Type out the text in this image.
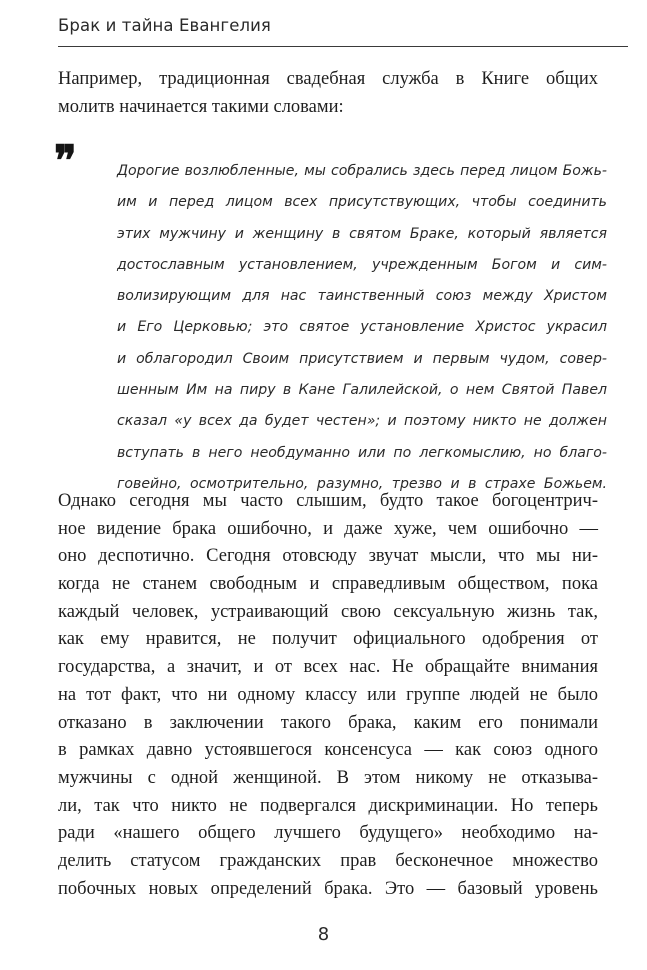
Брак и тайна Евангелия
Например, традиционная свадебная служба в Книге общих
молитв начинается такими словами:
❞	Дорогие возлюбленные, мы собрались здесь перед лицом Божь-
им и перед лицом всех присутствующих, чтобы соединить
этих мужчину и женщину в святом Браке, который является
достославным установлением, учрежденным Богом и сим-
волизирующим для нас таинственный союз между Христом
и Его Церковью; это святое установление Христос украсил
и облагородил Своим присутствием и первым чудом, совер-
шенным Им на пиру в Кане Галилейской, о нем Святой Павел
сказал «у всех да будет честен»; и поэтому никто не должен
вступать в него необдуманно или по легкомыслию, но благо-
говейно, осмотрительно, разумно, трезво и в страхе Божьем.
Однако сегодня мы часто слышим, будто такое богоцентрич-
ное видение брака ошибочно, и даже хуже, чем ошибочно —
оно деспотично. Сегодня отовсюду звучат мысли, что мы ни-
когда не станем свободным и справедливым обществом, пока
каждый человек, устраивающий свою сексуальную жизнь так,
как ему нравится, не получит официального одобрения от
государства, а значит, и от всех нас. Не обращайте внимания
на тот факт, что ни одному классу или группе людей не было
отказано в заключении такого брака, каким его понимали
в рамках давно устоявшегося консенсуса — как союз одного
мужчины с одной женщиной. В этом никому не отказыва-
ли, так что никто не подвергался дискриминации. Но теперь
ради «нашего общего лучшего будущего» необходимо на-
делить статусом гражданских прав бесконечное множество
побочных новых определений брака. Это — базовый уровень
8
